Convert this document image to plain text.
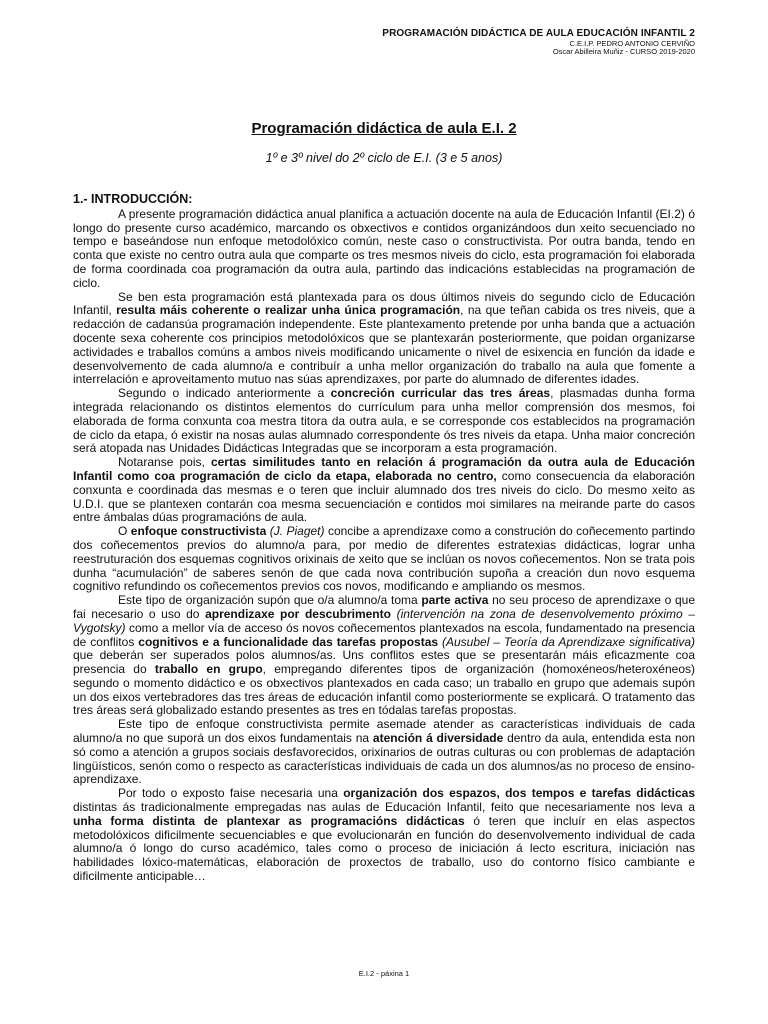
PROGRAMACIÓN DIDÁCTICA DE AULA EDUCACIÓN INFANTIL 2
C.E.I.P. PEDRO ANTONIO CERVIÑO
Oscar Abilleira Muñiz - CURSO 2019-2020
Programación didáctica de aula E.I. 2
1º e 3º nivel do 2º ciclo de E.I. (3 e 5 anos)
1.- INTRODUCCIÓN:

A presente programación didáctica anual planifica a actuación docente na aula de Educación Infantil (EI.2) ó longo do presente curso académico, marcando os obxectivos e contidos organizándoos dun xeito secuenciado no tempo e baseándose nun enfoque metodolóxico común, neste caso o constructivista. Por outra banda, tendo en conta que existe no centro outra aula que comparte os tres mesmos niveis do ciclo, esta programación foi elaborada de forma coordinada coa programación da outra aula, partindo das indicacións establecidas na programación de ciclo.

Se ben esta programación está plantexada para os dous últimos niveis do segundo ciclo de Educación Infantil, resulta máis coherente o realizar unha única programación, na que teñan cabida os tres niveis, que a redacción de cadansúa programación independente. Este plantexamento pretende por unha banda que a actuación docente sexa coherente cos principios metodolóxicos que se plantexarán posteriormente, que poidan organizarse actividades e traballos comúns a ambos niveis modificando unicamente o nivel de esixencia en función da idade e desenvolvemento de cada alumno/a e contribuír a unha mellor organización do traballo na aula que fomente a interrelación e aproveitamento mutuo nas súas aprendizaxes, por parte do alumnado de diferentes idades.

Segundo o indicado anteriormente a concreción curricular das tres áreas, plasmadas dunha forma integrada relacionando os distintos elementos do currículum para unha mellor comprensión dos mesmos, foi elaborada de forma conxunta coa mestra titora da outra aula, e se corresponde cos establecidos na programación de ciclo da etapa, ó existir na nosas aulas alumnado correspondente ós tres niveis da etapa. Unha maior concreción será atopada nas Unidades Didácticas Integradas que se incorporam a esta programación.

Notaranse pois, certas similitudes tanto en relación á programación da outra aula de Educación Infantil como coa programación de ciclo da etapa, elaborada no centro, como consecuencia da elaboración conxunta e coordinada das mesmas e o teren que incluir alumnado dos tres niveis do ciclo. Do mesmo xeito as U.D.I. que se plantexen contarán coa mesma secuenciación e contidos moi similares na meirande parte do casos entre ámbalas dúas programacións de aula.

O enfoque constructivista (J. Piaget) concibe a aprendizaxe como a construción do coñecemento partindo dos coñecementos previos do alumno/a para, por medio de diferentes estratexias didácticas, lograr unha reestruturación dos esquemas cognitivos orixinais de xeito que se inclúan os novos coñecementos. Non se trata pois dunha “acumulación” de saberes senón de que cada nova contribución supoña a creación dun novo esquema cognitivo refundindo os coñecementos previos cos novos, modificando e ampliando os mesmos.

Este tipo de organización supón que o/a alumno/a toma parte activa no seu proceso de aprendizaxe o que fai necesario o uso do aprendizaxe por descubrimento (intervención na zona de desenvolvemento próximo – Vygotsky) como a mellor vía de acceso ós novos coñecementos plantexados na escola, fundamentado na presencia de conflitos cognitivos e a funcionalidade das tarefas propostas (Ausubel – Teoría da Aprendizaxe significativa) que deberán ser superados polos alumnos/as. Uns conflitos estes que se presentarán máis eficazmente coa presencia do traballo en grupo, empregando diferentes tipos de organización (homoxéneos/heteroxéneos) segundo o momento didáctico e os obxectivos plantexados en cada caso; un traballo en grupo que ademais supón un dos eixos vertebradores das tres áreas de educación infantil como posteriormente se explicará. O tratamento das tres áreas será globalizado estando presentes as tres en tódalas tarefas propostas.

Este tipo de enfoque constructivista permite asemade atender as características individuais de cada alumno/a no que suporá un dos eixos fundamentais na atención á diversidade dentro da aula, entendida esta non só como a atención a grupos sociais desfavorecidos, orixinarios de outras culturas ou con problemas de adaptación lingüísticos, senón como o respecto as características individuais de cada un dos alumnos/as no proceso de ensino-aprendizaxe.

Por todo o exposto faise necesaria una organización dos espazos, dos tempos e tarefas didácticas distintas ás tradicionalmente empregadas nas aulas de Educación Infantil, feito que necesariamente nos leva a unha forma distinta de plantexar as programacións didácticas ó teren que incluír en elas aspectos metodolóxicos dificilmente secuenciables e que evolucionarán en función do desenvolvemento individual de cada alumno/a ó longo do curso académico, tales como o proceso de iniciación á lecto escritura, iniciación nas habilidades lóxico-matemáticas, elaboración de proxectos de traballo, uso do contorno físico cambiante e dificilmente anticipable…

E.I.2 - páxina 1
